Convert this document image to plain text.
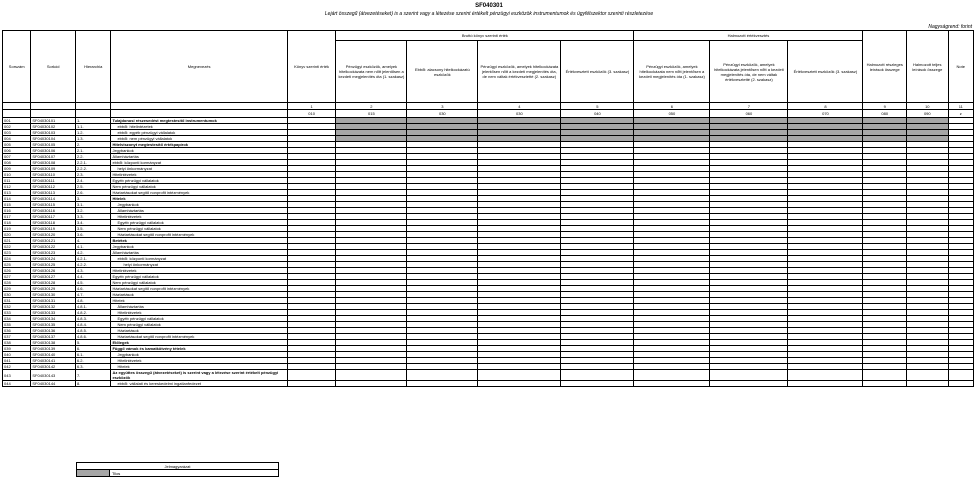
SF040301
Lejárt összegű (átvezetéseket) is a szerint vagy a létezése szerint értékelt pénzügyi eszközök instrumentumok és ügyfélszektor szerinti részletezése
Nagyságrend: forint
Sorszám	Sorkód	Hierarchia	Megnevezés	Könyv szerinti érték	Bruttó könyv szerinti érték				Halmozott értékvesztés			Halmozott részleges leírások összege	Halmozott teljes leírások összege	Note
					Pénzügyi eszközök, amelyek hitelkockázata nem nőtt jelentősen a kezdeti megjelenítés óta (1. szakasz)	Ebből: alacsony hitelkockázatú eszközök	Pénzügyi eszközök, amelyek hitelkockázata jelentősen nőtt a kezdeti megjelenítés óta, de nem váltak értékvesztetté (2. szakasz)	Értékvesztett eszközök (3. szakasz)	Pénzügyi eszközök, amelyek hitelkockázata nem nőtt jelentősen a kezdeti megjelenítés óta (1. szakasz)	Pénzügyi eszközök, amelyek hitelkockázata jelentősen nőtt a kezdeti megjelenítés óta, de nem váltak értékvesztetté (2. szakasz)	Értékvesztett eszközök (3. szakasz)			
				1	2	3	4	5	6	7	8	9	10	11
				010	015	030	030	040	050	060	070	080	090	z
001	SF04030101	1.	Tulajdonosi részesedést megtestesítő instrumentumok											
002	SF04030102	1.1.	ebből: hitelintézetek											
003	SF04030103	1.2.	ebből: egyéb pénzügyi vállalatok											
004	SF04030104	1.3.	ebből: nem pénzügyi vállalatok											
005	SF04030105	2.	Hitelviszonyt megtestesítő értékpapírok											
006	SF04030106	2.1.	Jegybankok											
007	SF04030107	2.2.	Államháztartás											
008	SF04030108	2.2.1.	ebből: központi kormányzat											
009	SF04030109	2.2.2.	helyi önkormányzat											
010	SF04030110	2.3.	Hitelintézetek											
011	SF04030111	2.4.	Egyéb pénzügyi vállalatok											
012	SF04030112	2.5.	Nem pénzügyi vállalatok											
013	SF04030113	2.6.	Háztartásokat segítő nonprofit intézmények											
014	SF04030114	3.	Hitelek											
015	SF04030115	3.1.	Jegybankok											
016	SF04030116	3.2.	Államháztartás											
017	SF04030117	3.3.	Hitelintézetek											
018	SF04030118	3.4.	Egyéb pénzügyi vállalatok											
019	SF04030119	3.5.	Nem pénzügyi vállalatok											
020	SF04030120	3.6.	Háztartásokat segítő nonprofit intézmények											
021	SF04030121	4.	Betétek											
022	SF04030122	4.1.	Jegybankok											
023	SF04030123	4.2.	Államháztartás											
024	SF04030124	4.2.1.	ebből: központi kormányzat											
025	SF04030125	4.2.2.	helyi önkormányzat											
026	SF04030126	4.3.	Hitelintézetek											
027	SF04030127	4.4.	Egyéb pénzügyi vállalatok											
028	SF04030128	4.5.	Nem pénzügyi vállalatok											
029	SF04030129	4.6.	Háztartásokat segítő nonprofit intézmények											
030	SF04030130	4.7.	Háztartások											
031	SF04030131	4.8.	Hitelek											
032	SF04030132	4.8.1.	Államháztartás											
033	SF04030133	4.8.2.	Hitelintézetek											
034	SF04030134	4.8.3.	Egyéb pénzügyi vállalatok											
035	SF04030135	4.8.4.	Nem pénzügyi vállalatok											
036	SF04030136	4.8.5.	Háztartások											
037	SF04030137	4.8.6.	Háztartásokat segítő nonprofit intézmények											
038	SF04030138	5.	Előlegek											
039	SF04030139	6.	Függő vámok és kamatkötvény tételek											
040	SF04030140	6.1.	Jegybankok											
041	SF04030141	6.2.	Hitelintézetek											
042	SF04030142	6.3.	Hitelek											
043	SF04030143	7.	Az együttes összegű (átvezetéseket) is szerint vagy a létezése szerint értékelt pénzügyi eszközök											
044	SF04030144	8.	ebből: vállalati és kereskedelmi ingatlanfedezet											
Jelmagyarázat
	Tilos
